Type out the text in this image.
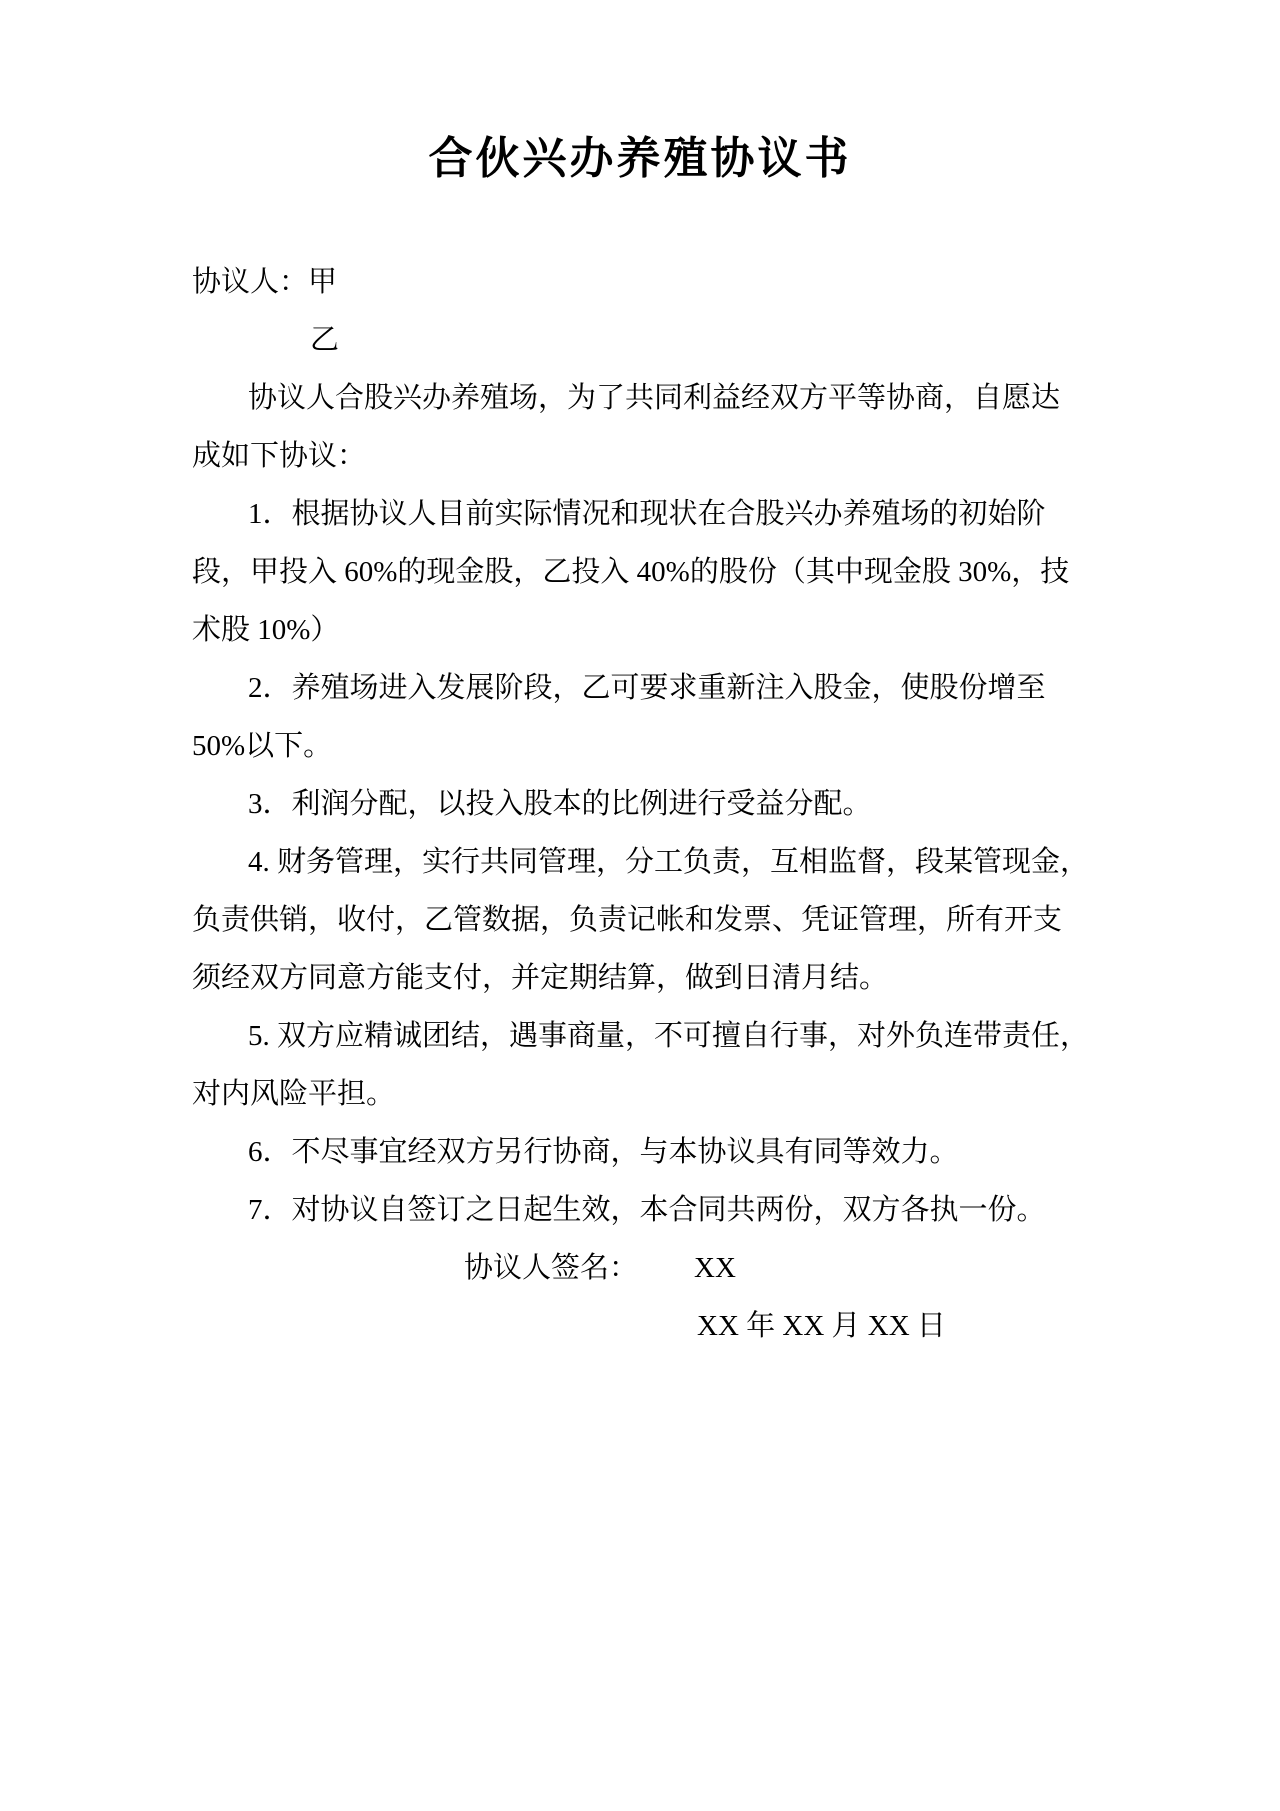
合伙兴办养殖协议书

协议人：甲

乙

协议人合股兴办养殖场，为了共同利益经双方平等协商，自愿达

成如下协议：

1．根据协议人目前实际情况和现状在合股兴办养殖场的初始阶

段，甲投入 60%的现金股，乙投入 40%的股份（其中现金股 30%，技

术股 10%）

2．养殖场进入发展阶段，乙可要求重新注入股金，使股份增至

50%以下。

3．利润分配，以投入股本的比例进行受益分配。

4. 财务管理，实行共同管理，分工负责，互相监督，段某管现金，

负责供销，收付，乙管数据，负责记帐和发票、凭证管理，所有开支

须经双方同意方能支付，并定期结算，做到日清月结。

5. 双方应精诚团结，遇事商量，不可擅自行事，对外负连带责任，

对内风险平担。

6．不尽事宜经双方另行协商，与本协议具有同等效力。

7．对协议自签订之日起生效，本合同共两份，双方各执一份。

协议人签名： XX

XX 年 XX 月 XX 日
